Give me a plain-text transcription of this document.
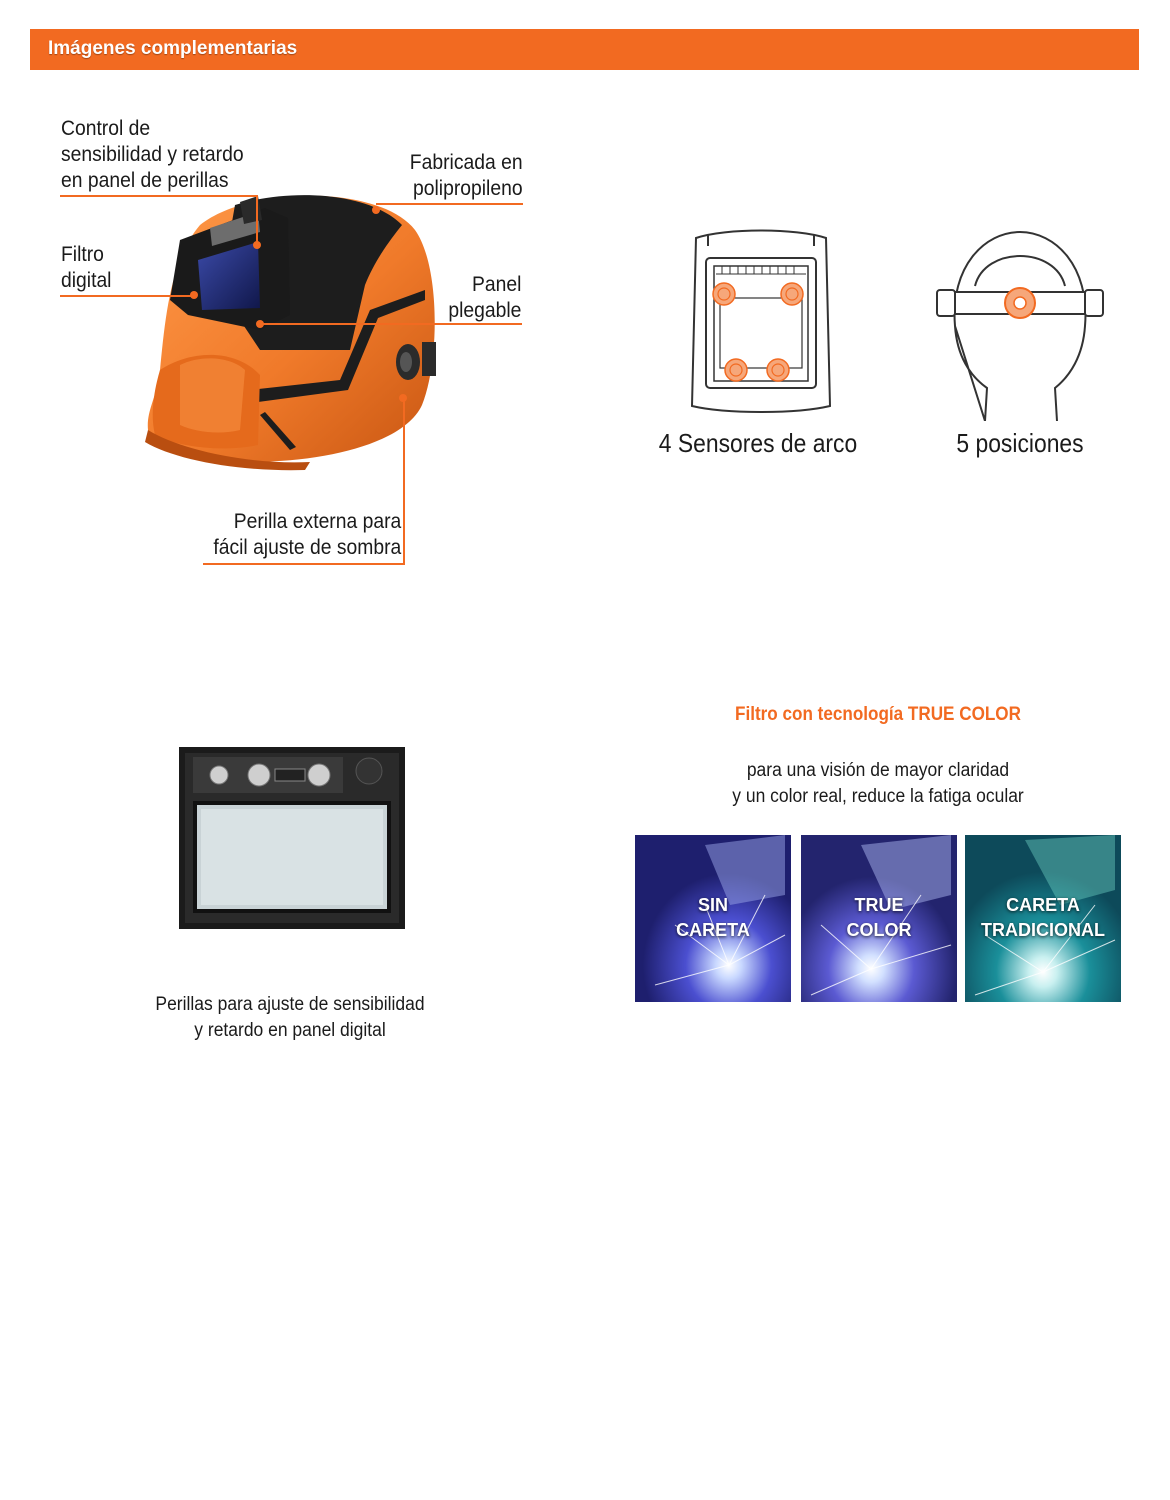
Imágenes complementarias
Control de
sensibilidad y retardo
en panel de perillas
Fabricada en
polipropileno
Filtro
digital	Panel
plegable
Perilla externa para
fácil ajuste de sombra
4 Sensores de arco	5 posiciones
Perillas para ajuste de sensibilidad
y retardo en panel digital
Filtro con tecnología TRUE COLOR
para una visión de mayor claridad
y un color real, reduce la fatiga ocular
SIN
CARETA
TRUE
COLOR
CARETA
TRADICIONAL
